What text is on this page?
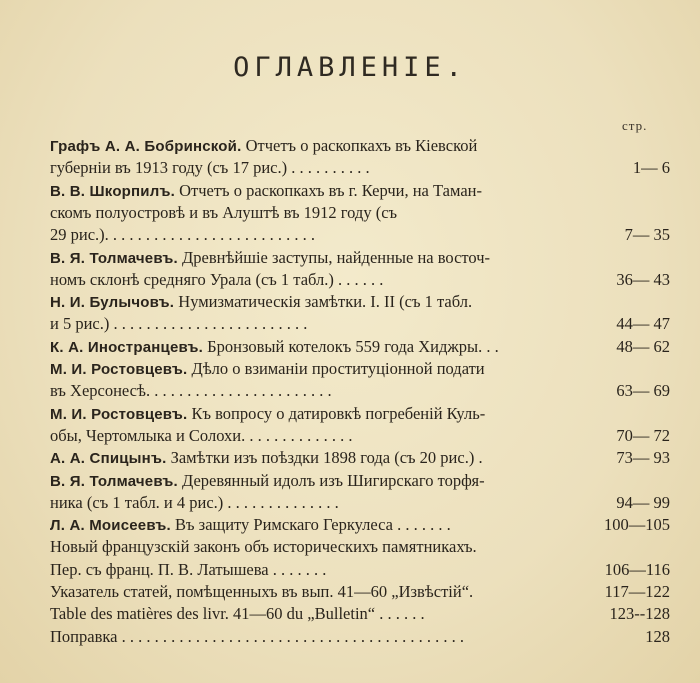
ОГЛАВЛЕНІЕ.
стр.
Графъ А. А. Бобринской. Отчетъ о раскопкахъ въ Кіевской
губерніи въ 1913 году (съ 17 рис.) . . . . . . . . . .	1— 6
В. В. Шкорпилъ. Отчетъ о раскопкахъ въ г. Керчи, на Таман-
скомъ полуостровѣ и въ Алуштѣ въ 1912 году (съ
29 рис.). . . . . . . . . . . . . . . . . . . . . . . . . .	7— 35
В. Я. Толмачевъ. Древнѣйшіе заступы, найденные на восточ-
номъ склонѣ средняго Урала (съ 1 табл.) . . . . . .	36— 43
Н. И. Булычовъ. Нумизматическія замѣтки. I. II (съ 1 табл.
и 5 рис.) . . . . . . . . . . . . . . . . . . . . . . . .	44— 47
К. А. Иностранцевъ. Бронзовый котелокъ 559 года Хиджры. . .	48— 62
М. И. Ростовцевъ. Дѣло о взиманіи проституціонной подати
въ Херсонесѣ. . . . . . . . . . . . . . . . . . . . . . .	63— 69
М. И. Ростовцевъ. Къ вопросу о датировкѣ погребеній Куль-
обы, Чертомлыка и Солохи. . . . . . . . . . . . . .	70— 72
А. А. Спицынъ. Замѣтки изъ поѣздки 1898 года (съ 20 рис.) .	73— 93
В. Я. Толмачевъ. Деревянный идолъ изъ Шигирскаго торфя-
ника (съ 1 табл. и 4 рис.) . . . . . . . . . . . . . .	94— 99
Л. А. Моисеевъ. Въ защиту Римскаго Геркулеса . . . . . . .	100—105
Новый французскій законъ объ историческихъ памятникахъ.
Пер. съ франц. П. В. Латышева . . . . . . .	106—116
Указатель статей, помѣщенныхъ въ вып. 41—60 „Извѣстій“.	117—122
Table des matières des livr. 41—60 du „Bulletin“ . . . . . .	123--128
Поправка . . . . . . . . . . . . . . . . . . . . . . . . . . . . . . . . . . . . . . . . . .	128
